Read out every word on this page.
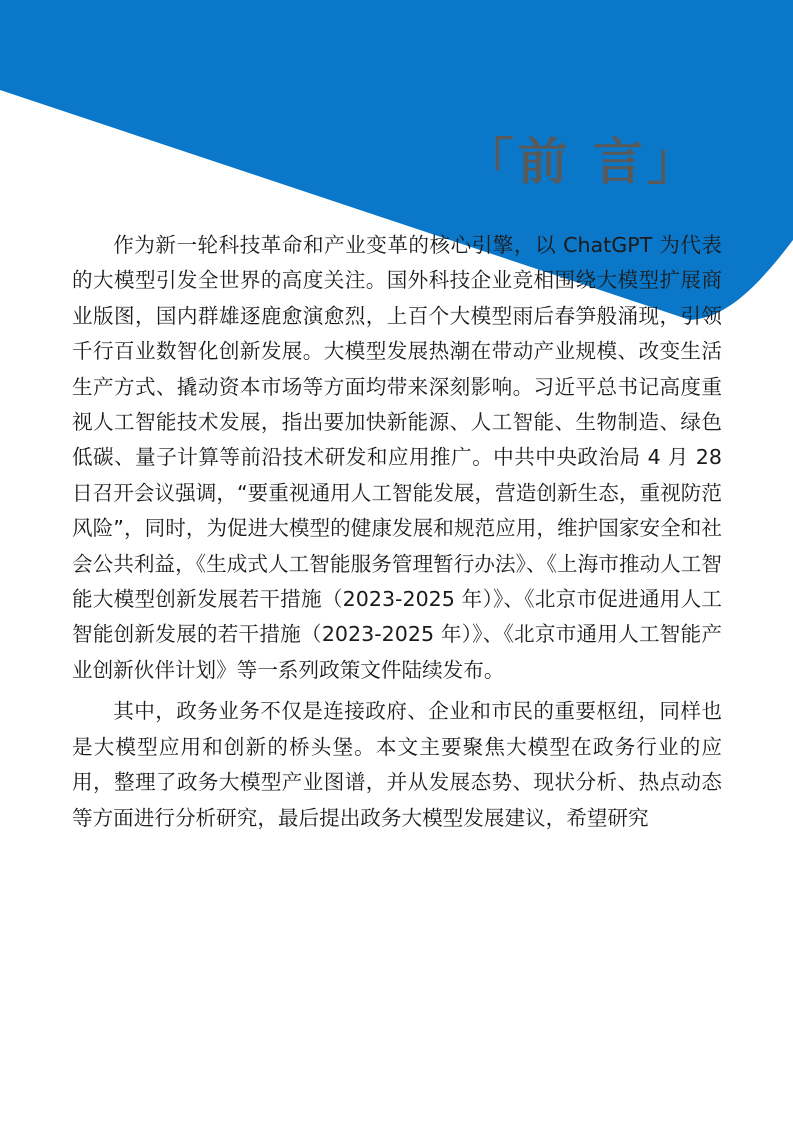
「前 言」

作为新一轮科技革命和产业变革的核心引擎，以 ChatGPT 为代表的大模型引发全世界的高度关注。国外科技企业竞相围绕大模型扩展商业版图，国内群雄逐鹿愈演愈烈，上百个大模型雨后春笋般涌现，引领千行百业数智化创新发展。大模型发展热潮在带动产业规模、改变生活生产方式、撬动资本市场等方面均带来深刻影响。习近平总书记高度重视人工智能技术发展，指出要加快新能源、人工智能、生物制造、绿色低碳、量子计算等前沿技术研发和应用推广。中共中央政治局 4 月 28 日召开会议强调，“要重视通用人工智能发展，营造创新生态，重视防范风险”，同时，为促进大模型的健康发展和规范应用，维护国家安全和社会公共利益，《生成式人工智能服务管理暂行办法》、《上海市推动人工智能大模型创新发展若干措施（2023-2025 年）》、《北京市促进通用人工智能创新发展的若干措施（2023-2025 年）》、《北京市通用人工智能产业创新伙伴计划》等一系列政策文件陆续发布。

其中，政务业务不仅是连接政府、企业和市民的重要枢纽，同样也是大模型应用和创新的桥头堡。本文主要聚焦大模型在政务行业的应用，整理了政务大模型产业图谱，并从发展态势、现状分析、热点动态等方面进行分析研究，最后提出政务大模型发展建议，希望研究
